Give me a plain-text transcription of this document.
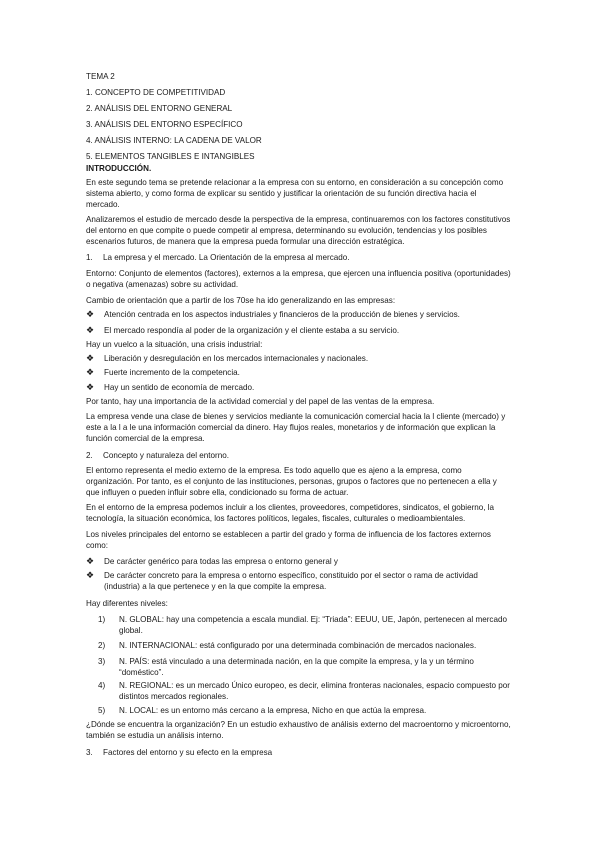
TEMA 2
1. CONCEPTO DE COMPETITIVIDAD
2. ANÁLISIS DEL ENTORNO GENERAL
3. ANÁLISIS DEL ENTORNO ESPECÍFICO
4. ANÁLISIS INTERNO: LA CADENA DE VALOR
5. ELEMENTOS TANGIBLES E INTANGIBLES
INTRODUCCIÓN.

En este segundo tema se pretende relacionar a la empresa con su entorno, en consideración a su concepción como sistema abierto, y como forma de explicar su sentido y justificar la orientación de su función directiva hacia el mercado.

Analizaremos el estudio de mercado desde la perspectiva de la empresa, continuaremos con los factores constitutivos del entorno en que compite o puede competir al empresa, determinando su evolución, tendencias y los posibles escenarios futuros, de manera que la empresa pueda formular una dirección estratégica.

1. La empresa y el mercado. La Orientación de la empresa al mercado.

Entorno: Conjunto de elementos (factores), externos a la empresa, que ejercen una influencia positiva (oportunidades) o negativa (amenazas) sobre su actividad.

Cambio de orientación que a partir de los 70se ha ido generalizando en las empresas:
❖ Atención centrada en los aspectos industriales y financieros de la producción de bienes y servicios.
❖ El mercado respondía al poder de la organización y el cliente estaba a su servicio.
Hay un vuelco a la situación, una crisis industrial:
❖ Liberación y desregulación en los mercados internacionales y nacionales.
❖ Fuerte incremento de la competencia.
❖ Hay un sentido de economía de mercado.
Por tanto, hay una importancia de la actividad comercial y del papel de las ventas de la empresa.

La empresa vende una clase de bienes y servicios mediante la comunicación comercial hacia la l cliente (mercado) y este a la l a le una información comercial da dinero. Hay flujos reales, monetarios y de información que explican la función comercial de la empresa.

2. Concepto y naturaleza del entorno.

El entorno representa el medio externo de la empresa. Es todo aquello que es ajeno a la empresa, como organización. Por tanto, es el conjunto de las instituciones, personas, grupos o factores que no pertenecen a ella y que influyen o pueden influir sobre ella, condicionado su forma de actuar.

En el entorno de la empresa podemos incluir a los clientes, proveedores, competidores, sindicatos, el gobierno, la tecnología, la situación económica, los factores políticos, legales, fiscales, culturales o medioambientales.

Los niveles principales del entorno se establecen a partir del grado y forma de influencia de los factores externos como:

❖ De carácter genérico para todas las empresa o entorno general y
❖ De carácter concreto para la empresa o entorno específico, constituido por el sector o rama de actividad (industria) a la que pertenece y en la que compite la empresa.
Hay diferentes niveles:
1)	N. GLOBAL: hay una competencia a escala mundial. Ej: “Triada”: EEUU, UE, Japón, pertenecen al mercado global.
2)	N. INTERNACIONAL: está configurado por una determinada combinación de mercados nacionales.
3)	N. PAÍS: está vinculado a una determinada nación, en la que compite la empresa, y la y un término “doméstico”.
4)	N. REGIONAL: es un mercado Único europeo, es decir, elimina fronteras nacionales, espacio compuesto por distintos mercados regionales.
5)	N. LOCAL: es un entorno más cercano a la empresa, Nicho en que actúa la empresa.

¿Dónde se encuentra la organización? En un estudio exhaustivo de análisis externo del macroentorno y microentorno, también se estudia un análisis interno.

3. Factores del entorno y su efecto en la empresa
